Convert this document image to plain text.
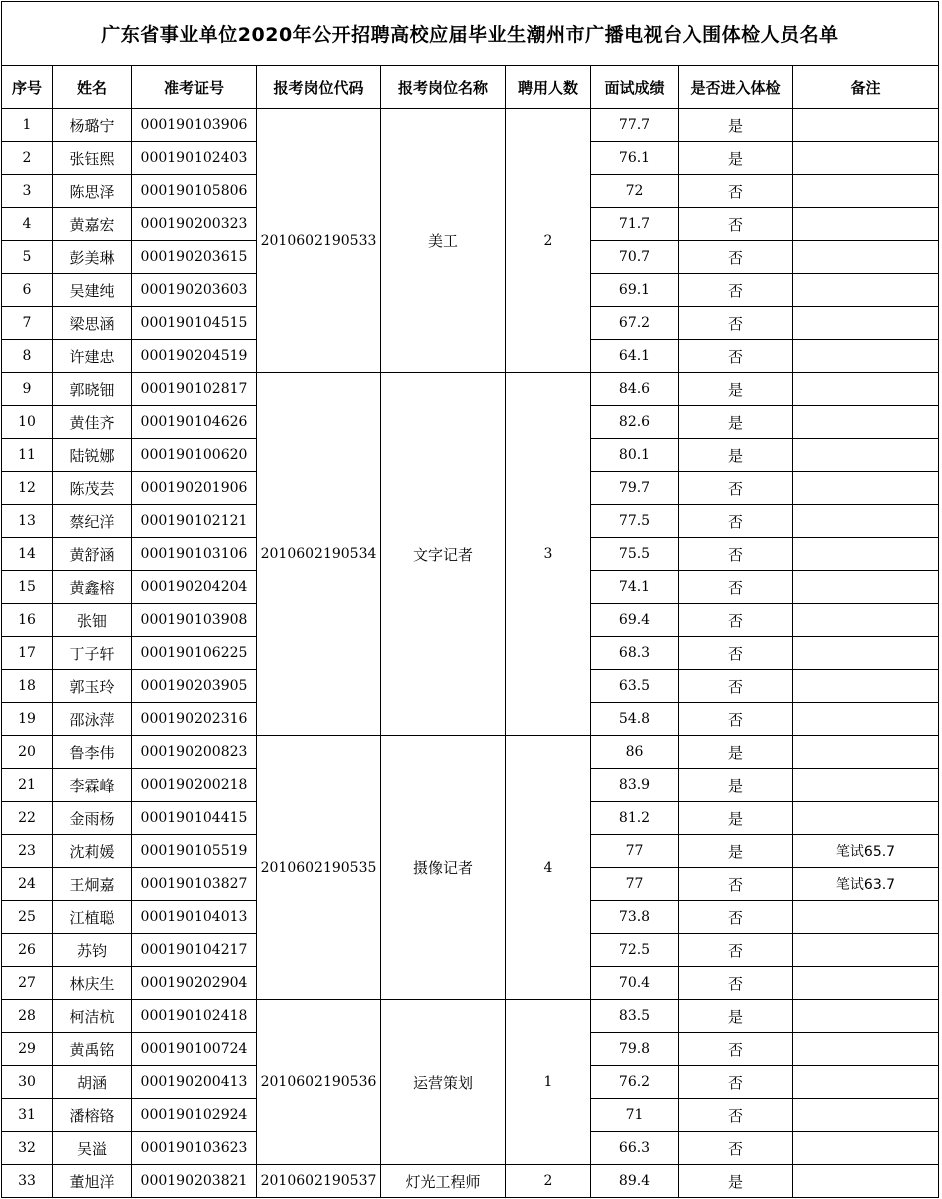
广东省事业单位2020年公开招聘高校应届毕业生潮州市广播电视台入围体检人员名单								
序号	姓名	准考证号	报考岗位代码	报考岗位名称	聘用人数	面试成绩	是否进入体检	备注
1	杨璐宁	000190103906	2010602190533	美工	2	77.7	是	
2	张钰熙	000190102403				76.1	是	
3	陈思泽	000190105806				72	否	
4	黄嘉宏	000190200323				71.7	否	
5	彭美琳	000190203615				70.7	否	
6	吴建纯	000190203603				69.1	否	
7	梁思涵	000190104515				67.2	否	
8	许建忠	000190204519				64.1	否	
9	郭晓钿	000190102817	2010602190534	文字记者	3	84.6	是	
10	黄佳齐	000190104626				82.6	是	
11	陆锐娜	000190100620				80.1	是	
12	陈茂芸	000190201906				79.7	否	
13	蔡纪洋	000190102121				77.5	否	
14	黄舒涵	000190103106				75.5	否	
15	黄鑫榕	000190204204				74.1	否	
16	张钿	000190103908				69.4	否	
17	丁子轩	000190106225				68.3	否	
18	郭玉玲	000190203905				63.5	否	
19	邵泳萍	000190202316				54.8	否	
20	鲁李伟	000190200823	2010602190535	摄像记者	4	86	是	
21	李霖峰	000190200218				83.9	是	
22	金雨杨	000190104415				81.2	是	
23	沈莉媛	000190105519				77	是	笔试65.7
24	王炯嘉	000190103827				77	否	笔试63.7
25	江植聪	000190104013				73.8	否	
26	苏钧	000190104217				72.5	否	
27	林庆生	000190202904				70.4	否	
28	柯洁杭	000190102418	2010602190536	运营策划	1	83.5	是	
29	黄禹铭	000190100724				79.8	否	
30	胡涵	000190200413				76.2	否	
31	潘榕铬	000190102924				71	否	
32	吴溢	000190103623				66.3	否	
33	董旭洋	000190203821	2010602190537	灯光工程师	2	89.4	是	
